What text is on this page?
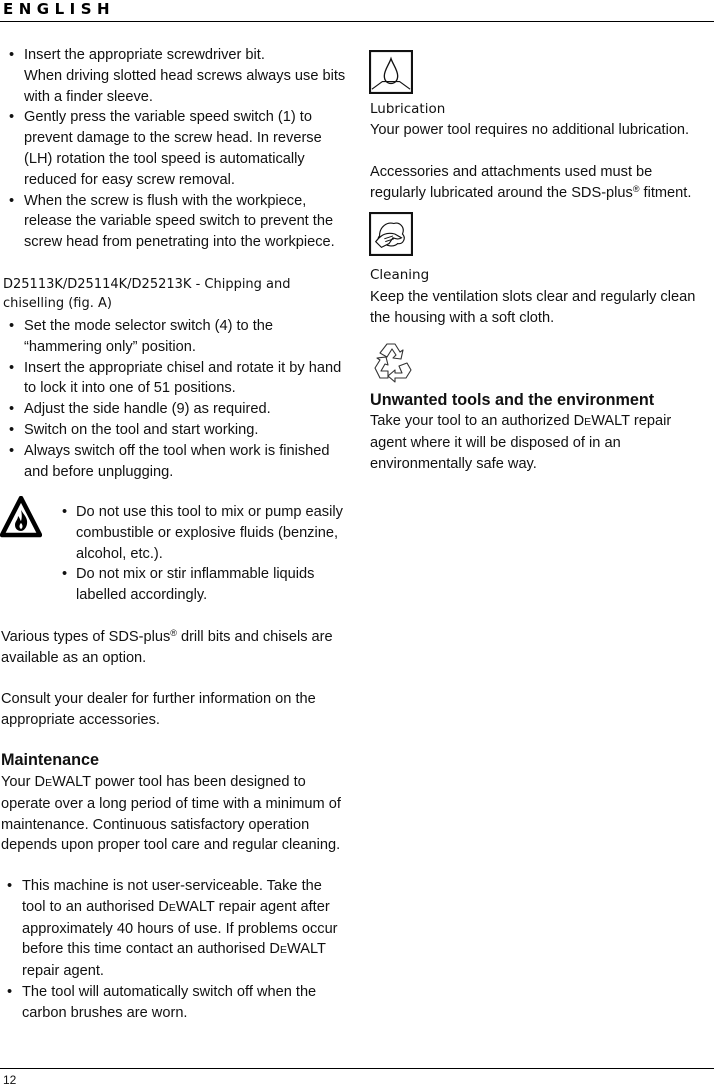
ENGLISH
• Insert the appropriate screwdriver bit.
When driving slotted head screws always use bits with a finder sleeve.
• Gently press the variable speed switch (1) to prevent damage to the screw head. In reverse (LH) rotation the tool speed is automatically reduced for easy screw removal.
• When the screw is flush with the workpiece, release the variable speed switch to prevent the screw head from penetrating into the workpiece.

D25113K/D25114K/D25213K - Chipping and chiselling (fig. A)

• Set the mode selector switch (4) to the “hammering only” position.
• Insert the appropriate chisel and rotate it by hand to lock it into one of 51 positions.
• Adjust the side handle (9) as required.
• Switch on the tool and start working.
• Always switch off the tool when work is finished and before unplugging.
• Do not use this tool to mix or pump easily combustible or explosive fluids (benzine, alcohol, etc.).
• Do not mix or stir inflammable liquids labelled accordingly.

Various types of SDS-plus® drill bits and chisels are available as an option.

Consult your dealer for further information on the appropriate accessories.

Maintenance

Your DEWALT power tool has been designed to operate over a long period of time with a minimum of maintenance. Continuous satisfactory operation depends upon proper tool care and regular cleaning.

• This machine is not user-serviceable. Take the tool to an authorised DEWALT repair agent after approximately 40 hours of use. If problems occur before this time contact an authorised DEWALT repair agent.
• The tool will automatically switch off when the carbon brushes are worn.

Lubrication

Your power tool requires no additional lubrication.

Accessories and attachments used must be regularly lubricated around the SDS-plus® fitment.

Cleaning

Keep the ventilation slots clear and regularly clean the housing with a soft cloth.

Unwanted tools and the environment

Take your tool to an authorized DEWALT repair agent where it will be disposed of in an environmentally safe way.

12
